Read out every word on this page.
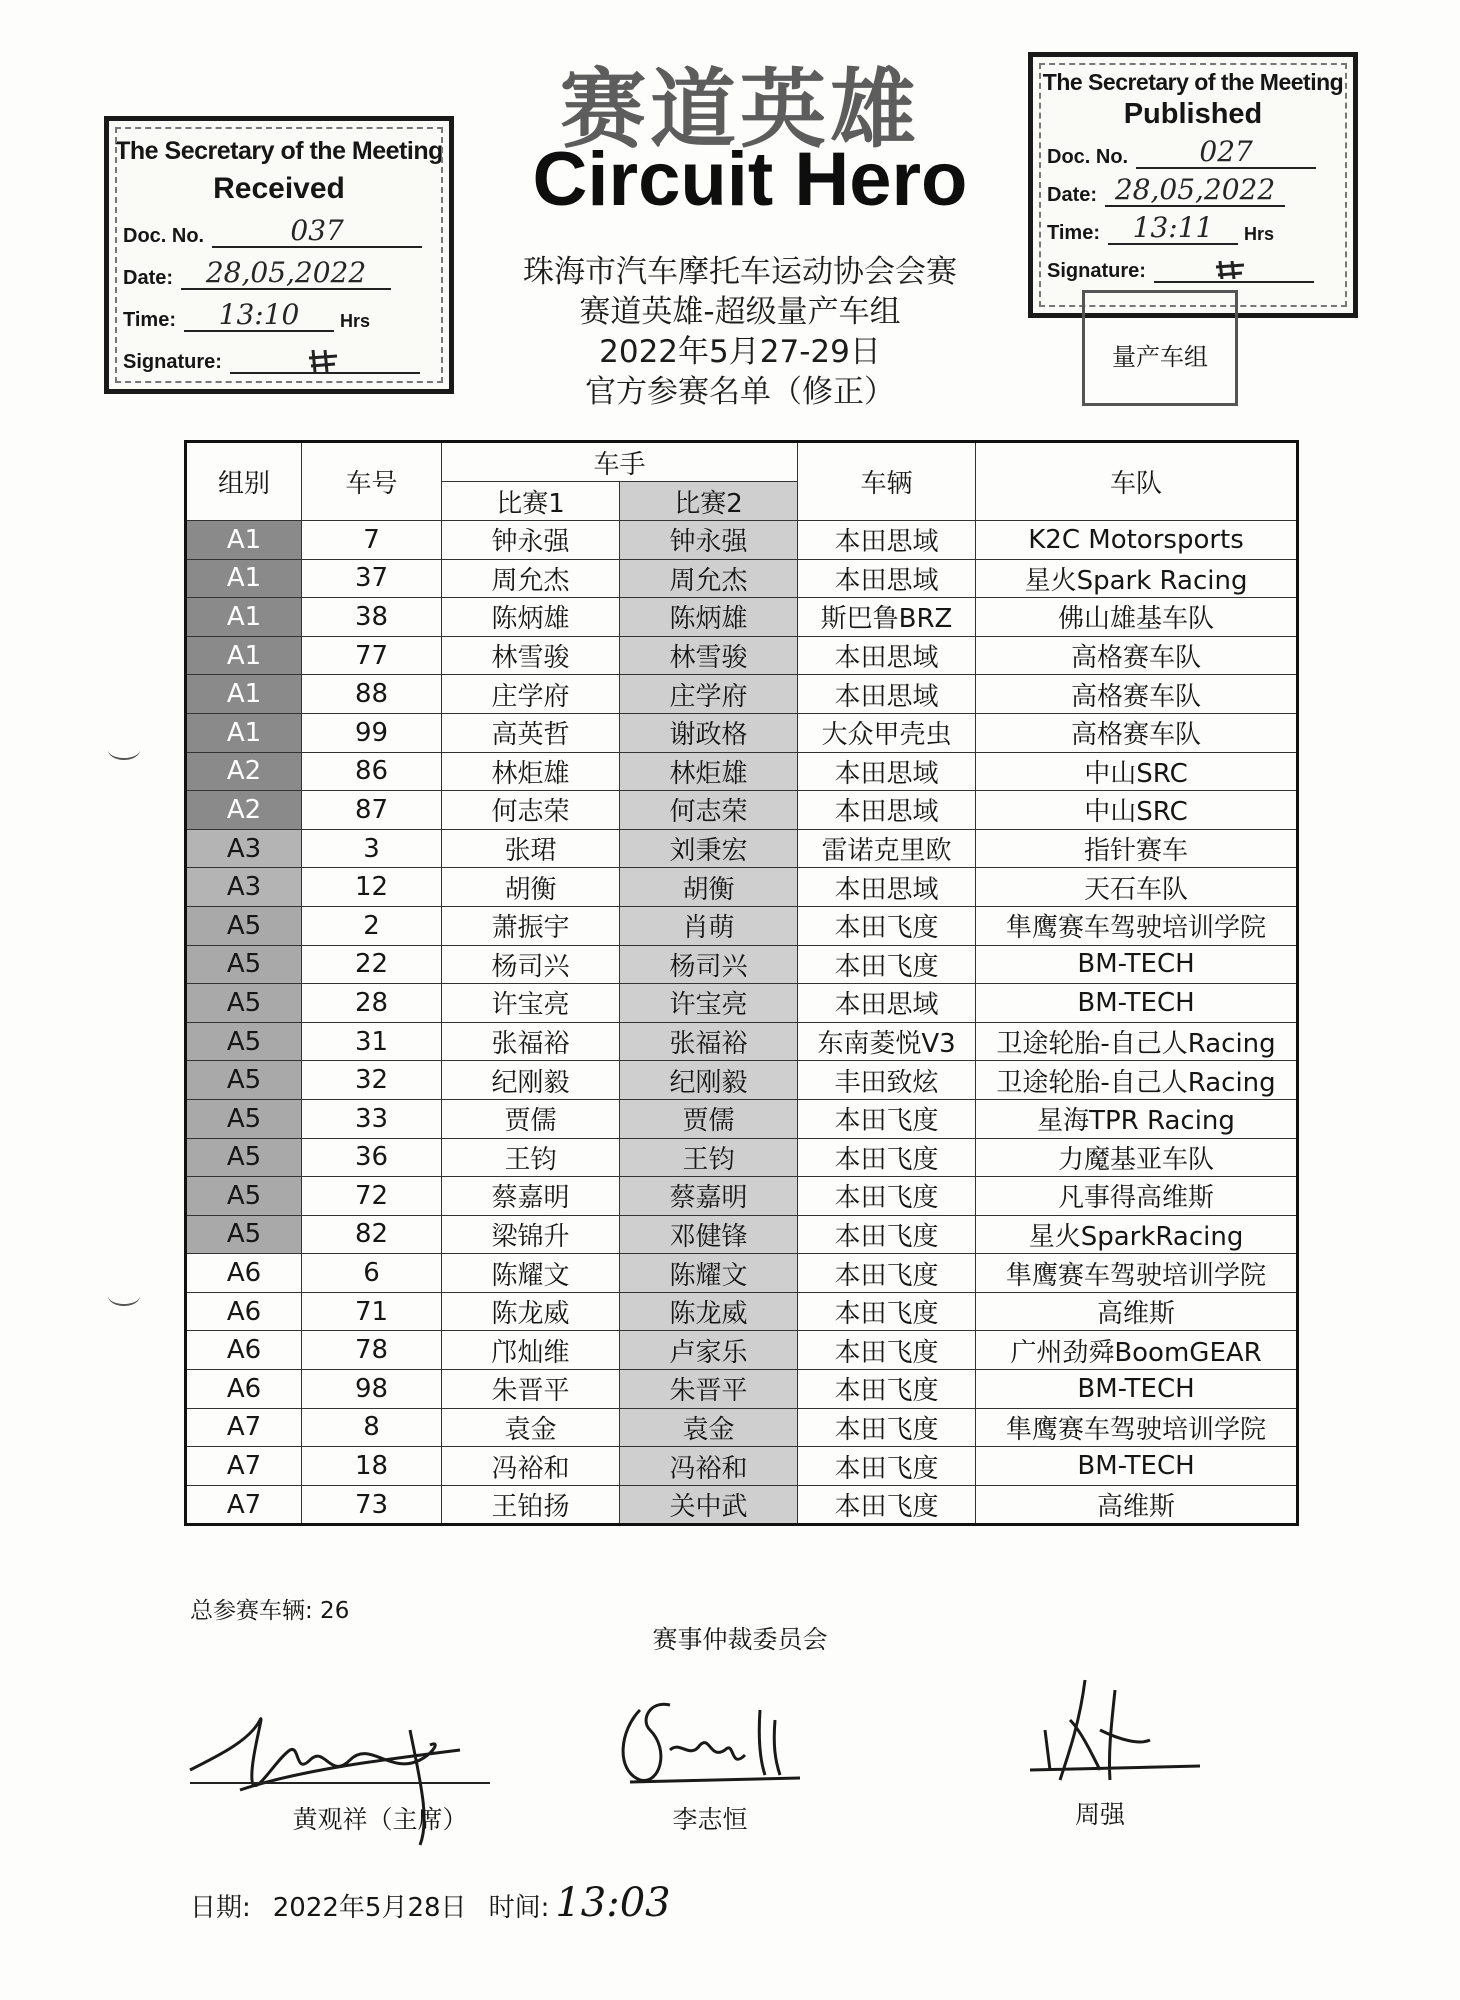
The Secretary of the Meeting
Received
Doc. No.	037
Date:	28,05,2022
Time:	13:10	Hrs
Signature:
The Secretary of the Meeting
Published
Doc. No.	027
Date: 28,05,2022
Time:	13:11	Hrs
Signature:
量产车组
赛道英雄
Circuit Hero
珠海市汽车摩托车运动协会会赛
赛道英雄-超级量产车组
2022年5月27-29日
官方参赛名单（修正）
组别	车号	车手		车辆	车队
		比赛1	比赛2		
A1	7	钟永强	钟永强	本田思域	K2C Motorsports
A1	37	周允杰	周允杰	本田思域	星火Spark Racing
A1	38	陈炳雄	陈炳雄	斯巴鲁BRZ	佛山雄基车队
A1	77	林雪骏	林雪骏	本田思域	高格赛车队
A1	88	庄学府	庄学府	本田思域	高格赛车队
A1	99	高英哲	谢政格	大众甲壳虫	高格赛车队
A2	86	林炬雄	林炬雄	本田思域	中山SRC
A2	87	何志荣	何志荣	本田思域	中山SRC
A3	3	张珺	刘秉宏	雷诺克里欧	指针赛车
A3	12	胡衡	胡衡	本田思域	天石车队
A5	2	萧振宇	肖萌	本田飞度	隼鹰赛车驾驶培训学院
A5	22	杨司兴	杨司兴	本田飞度	BM-TECH
A5	28	许宝亮	许宝亮	本田思域	BM-TECH
A5	31	张福裕	张福裕	东南菱悦V3	卫途轮胎-自己人Racing
A5	32	纪刚毅	纪刚毅	丰田致炫	卫途轮胎-自己人Racing
A5	33	贾儒	贾儒	本田飞度	星海TPR Racing
A5	36	王钧	王钧	本田飞度	力魔基亚车队
A5	72	蔡嘉明	蔡嘉明	本田飞度	凡事得高维斯
A5	82	梁锦升	邓健锋	本田飞度	星火SparkRacing
A6	6	陈耀文	陈耀文	本田飞度	隼鹰赛车驾驶培训学院
A6	71	陈龙威	陈龙威	本田飞度	高维斯
A6	78	邝灿维	卢家乐	本田飞度	广州劲舜BoomGEAR
A6	98	朱晋平	朱晋平	本田飞度	BM-TECH
A7	8	袁金	袁金	本田飞度	隼鹰赛车驾驶培训学院
A7	18	冯裕和	冯裕和	本田飞度	BM-TECH
A7	73	王铂扬	关中武	本田飞度	高维斯
总参赛车辆: 26
赛事仲裁委员会
黄观祥（主席）	李志恒	周强
日期: 2022年5月28日 时间: 13:03
